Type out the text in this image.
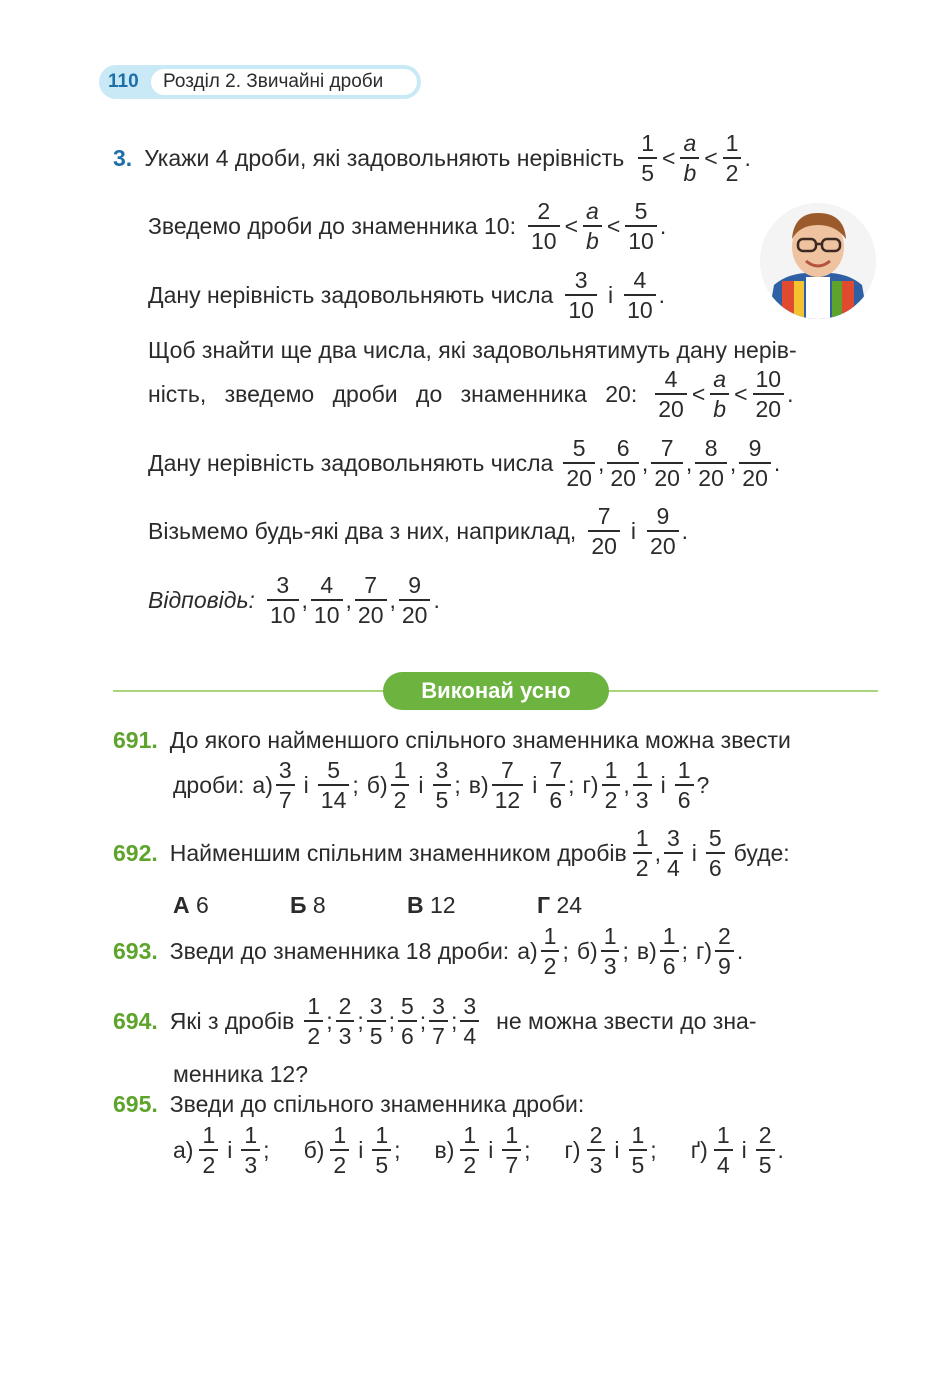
110 Розділ 2. Звичайні дроби
3. Укажи 4 дроби, які задовольняють нерівність $\frac{1}{5} < \frac{a}{b} < \frac{1}{2}$ .
Зведемо дроби до знаменника 10: $\frac{2}{10} < \frac{a}{b} < \frac{5}{10}$ .
Дану нерівність задовольняють числа $\frac{3}{10}$ і $\frac{4}{10}$ .
Щоб знайти ще два числа, які задовольнятимуть дану нерів-
ність, зведемо дроби до знаменника 20: $\frac{4}{20} < \frac{a}{b} < \frac{10}{20}$ .
Дану нерівність задовольняють числа $\frac{5}{20}$ , $\frac{6}{20}$ , $\frac{7}{20}$ , $\frac{8}{20}$ , $\frac{9}{20}$ .
Візьмемо будь-які два з них, наприклад, $\frac{7}{20}$ і $\frac{9}{20}$ .
Відповідь: $\frac{3}{10}$ , $\frac{4}{10}$ , $\frac{7}{20}$ , $\frac{9}{20}$ .
Виконай усно
691. До якого найменшого спільного знаменника можна звести
дроби: $а) \frac{3}{7}$ і $\frac{5}{14}$ ; $б) \frac{1}{2}$ і $\frac{3}{5}$ ; $в) \frac{7}{12}$ і $\frac{7}{6}$ ; $г) \frac{1}{2}$ , $\frac{1}{3}$ і $\frac{1}{6}$ ?
692. Найменшим спільним знаменником дробів $\frac{1}{2}$ , $\frac{3}{4}$ і $\frac{5}{6}$ буде:
А 6	Б 8	В 12	Г 24
693. Зведи до знаменника 18 дроби: $а) \frac{1}{2}$ ; $б) \frac{1}{3}$ ; $в) \frac{1}{6}$ ; $г) \frac{2}{9}$ .
694. Які з дробів $\frac{1}{2}$ ; $\frac{2}{3}$ ; $\frac{3}{5}$ ; $\frac{5}{6}$ ; $\frac{3}{7}$ ; $\frac{3}{4}$ не можна звести до зна-
менника 12?
695. Зведи до спільного знаменника дроби:
$а) \frac{1}{2}$ і $\frac{1}{3}$ ; $б) \frac{1}{2}$ і $\frac{1}{5}$ ; $в) \frac{1}{2}$ і $\frac{1}{7}$ ; $г) \frac{2}{3}$ і $\frac{1}{5}$ ; $ґ) \frac{1}{4}$ і $\frac{2}{5}$ .
